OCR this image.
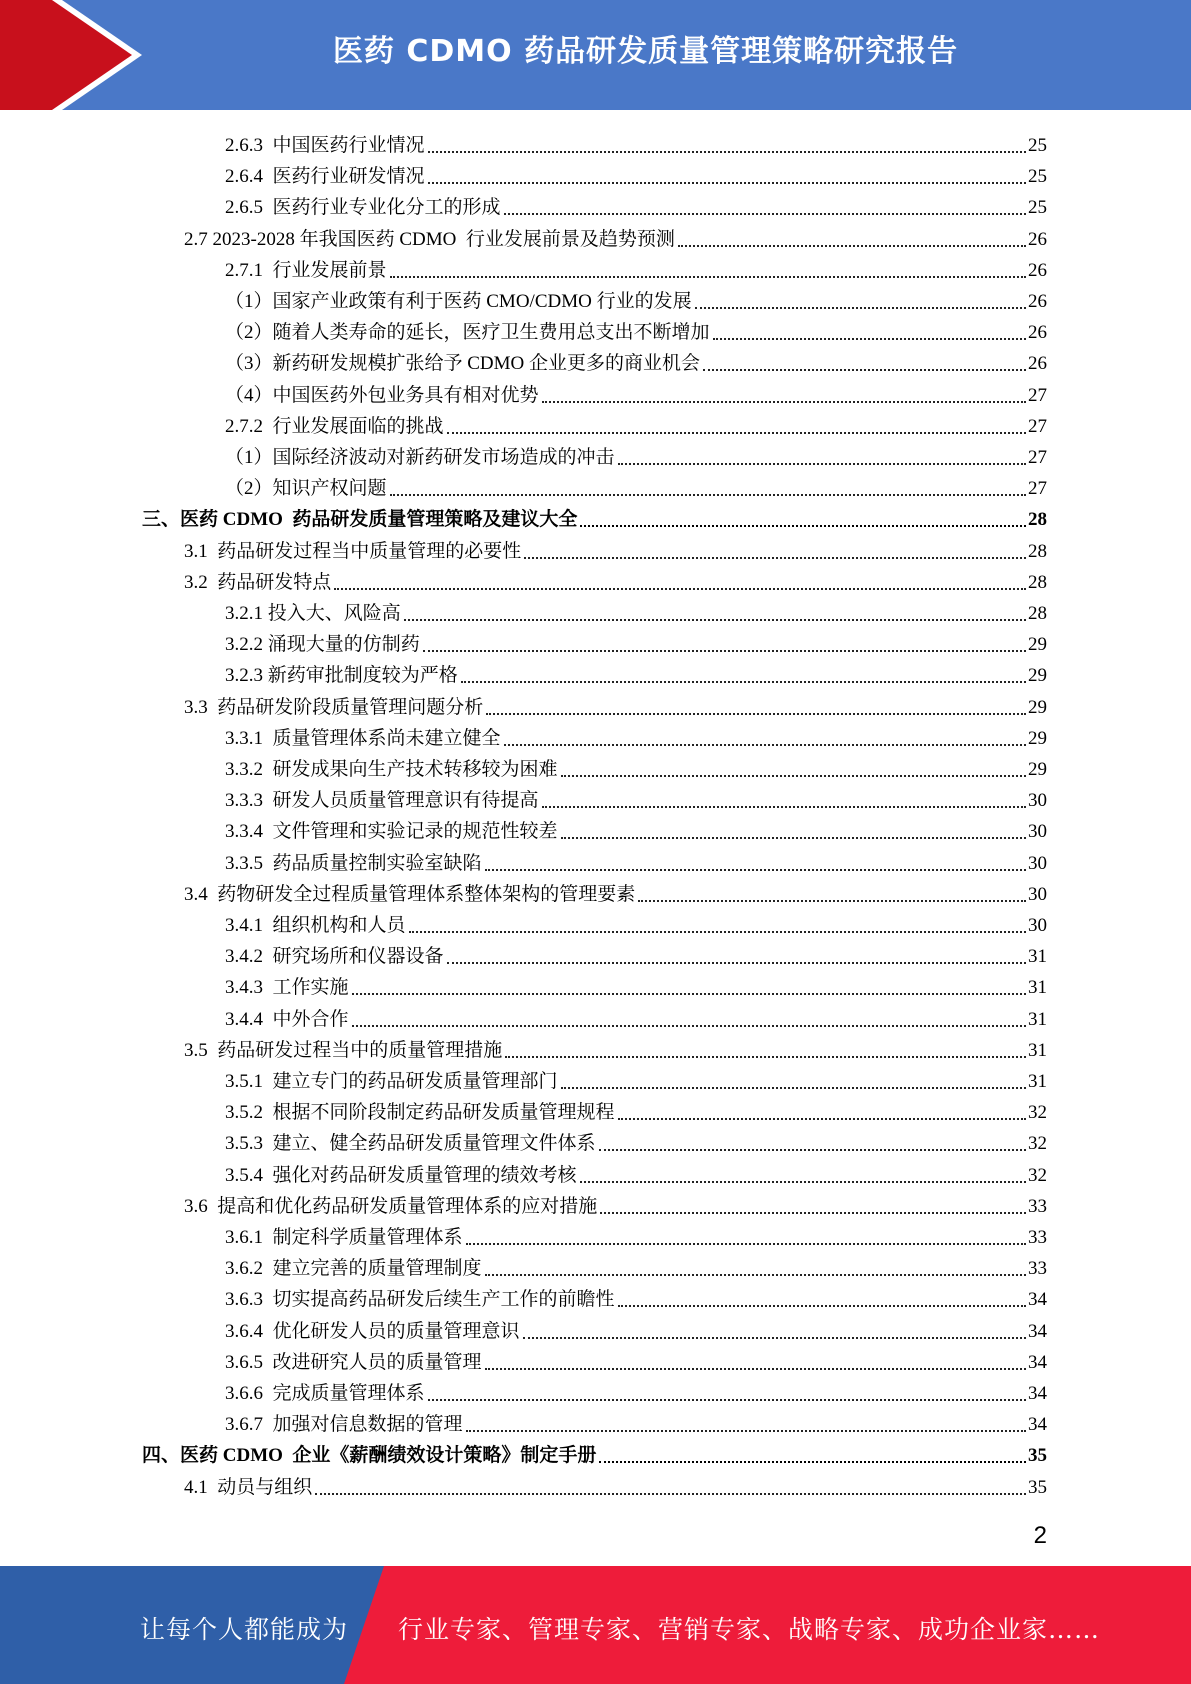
医药 CDMO 药品研发质量管理策略研究报告
2.6.3  中国医药行业情况	25
2.6.4  医药行业研发情况	25
2.6.5  医药行业专业化分工的形成	25
2.7 2023-2028 年我国医药 CDMO  行业发展前景及趋势预测	26
2.7.1  行业发展前景	26
（1）国家产业政策有利于医药 CMO/CDMO 行业的发展	26
（2）随着人类寿命的延长，医疗卫生费用总支出不断增加	26
（3）新药研发规模扩张给予 CDMO 企业更多的商业机会	26
（4）中国医药外包业务具有相对优势	27
2.7.2  行业发展面临的挑战	27
（1）国际经济波动对新药研发市场造成的冲击	27
（2）知识产权问题	27
三、医药 CDMO  药品研发质量管理策略及建议大全	28
3.1  药品研发过程当中质量管理的必要性	28
3.2  药品研发特点	28
3.2.1 投入大、风险高	28
3.2.2 涌现大量的仿制药	29
3.2.3 新药审批制度较为严格	29
3.3  药品研发阶段质量管理问题分析	29
3.3.1  质量管理体系尚未建立健全	29
3.3.2  研发成果向生产技术转移较为困难	29
3.3.3  研发人员质量管理意识有待提高	30
3.3.4  文件管理和实验记录的规范性较差	30
3.3.5  药品质量控制实验室缺陷	30
3.4  药物研发全过程质量管理体系整体架构的管理要素	30
3.4.1  组织机构和人员	30
3.4.2  研究场所和仪器设备	31
3.4.3  工作实施	31
3.4.4  中外合作	31
3.5  药品研发过程当中的质量管理措施	31
3.5.1  建立专门的药品研发质量管理部门	31
3.5.2  根据不同阶段制定药品研发质量管理规程	32
3.5.3  建立、健全药品研发质量管理文件体系	32
3.5.4  强化对药品研发质量管理的绩效考核	32
3.6  提高和优化药品研发质量管理体系的应对措施	33
3.6.1  制定科学质量管理体系	33
3.6.2  建立完善的质量管理制度	33
3.6.3  切实提高药品研发后续生产工作的前瞻性	34
3.6.4  优化研发人员的质量管理意识	34
3.6.5  改进研究人员的质量管理	34
3.6.6  完成质量管理体系	34
3.6.7  加强对信息数据的管理	34
四、医药 CDMO  企业《薪酬绩效设计策略》制定手册	35
4.1  动员与组织	35
2
让每个人都能成为 行业专家、管理专家、营销专家、战略专家、成功企业家……
